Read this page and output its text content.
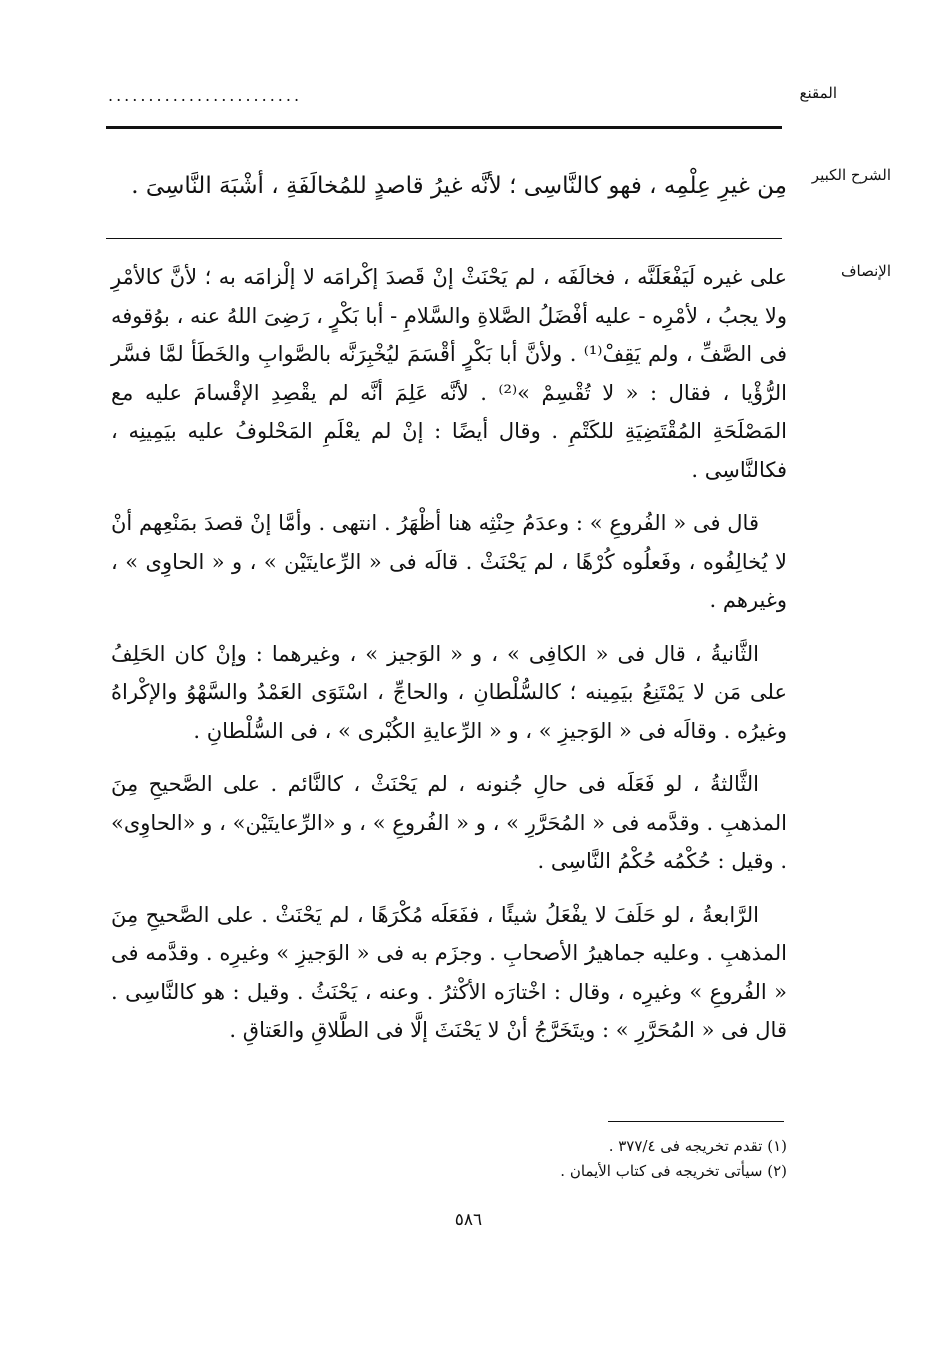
المقنع
........................
الشرح الكبير
مِن غيرِ عِلْمِه ، فهو كالنَّاسِى ؛ لأنَّه غيرُ قاصدٍ للمُخالَفَةِ ، أشْبَهَ النَّاسِىَ .
الإنصاف

على غيره لَيَفْعَلَنَّه ، فخالَفَه ، لم يَحْنَثْ إنْ قَصدَ إكْرامَه لا إلْزامَه به ؛ لأنَّ كالأمْرِ ولا يجبُ ، لأمْرِه - عليه أفْضَلُ الصَّلاةِ والسَّلامِ - أبا بَكْرٍ ، رَضِىَ اللهُ عنه ، بوُقوفه فى الصَّفِّ ، ولم يَقِفْ⁽¹⁾ . ولأنَّ أبا بَكْرٍ أقْسَمَ ليُخْبِرَنَّه بالصَّوابِ والخَطَأ لمَّا فسَّر الرُّؤْيا ، فقال : « لا تُقْسِمْ »⁽²⁾ . لأنَّه عَلِمَ أنَّه لم يقْصِدِ الإقْسامَ عليه مع المَصْلَحَةِ المُقْتَضِيَةِ للكَتْمِ . وقال أيضًا : إنْ لم يعْلَمِ المَحْلوفُ عليه بيَمِينِه ، فكالنَّاسِى .

قال فى « الفُروعِ » : وعدَمُ حِنْثِه هنا أظْهَرُ . انتهى . وأمَّا إنْ قصدَ بمَنْعِهم أنْ لا يُخالِفُوه ، وفَعلُوه كُرْهًا ، لم يَحْنَثْ . قالَه فى « الرِّعايتَيْن » ، و « الحاوِى » ، وغيرهم .

الثَّانيةُ ، قال فى « الكافِى » ، و « الوَجيز » ، وغيرهما : وإنْ كان الحَلِفُ على مَن لا يَمْتَنِعُ بيَمِينه ؛ كالسُّلْطانِ ، والحاجِّ ، اسْتَوَى العَمْدُ والسَّهْوُ والإكْراهُ وغيرُه . وقالَه فى « الوَجيزِ » ، و « الرِّعايةِ الكُبْرى » ، فى السُّلْطانِ .

الثَّالثةُ ، لو فَعَلَه فى حالِ جُنونه ، لم يَحْنَثْ ، كالنَّائم . على الصَّحيحِ مِنَ المذهبِ . وقدَّمه فى « المُحَرَّرِ » ، و « الفُروعِ » ، و «الرِّعايتَيْن» ، و «الحاوِى» . وقيل : حُكْمُه حُكْمُ النَّاسِى .

الرَّابعةُ ، لو حَلَفَ لا يفْعَلُ شيئًا ، ففَعَلَه مُكْرَهًا ، لم يَحْنَثْ . على الصَّحيحِ مِنَ المذهبِ . وعليه جماهيرُ الأصحابِ . وجزَم به فى « الوَجيزِ » وغيرِه . وقدَّمه فى « الفُروعِ » وغيرِه ، وقال : اخْتارَه الأكْثرُ . وعنه ، يَحْنَثُ . وقيل : هو كالنَّاسِى . قال فى « المُحَرَّرِ » : ويتَخَرَّجُ أنْ لا يَحْنَثَ إلَّا فى الطَّلاقِ والعَتاقِ .

(١) تقدم تخريجه فى ٣٧٧/٤ .
(٢) سيأتى تخريجه فى كتاب الأيمان .
٥٨٦
